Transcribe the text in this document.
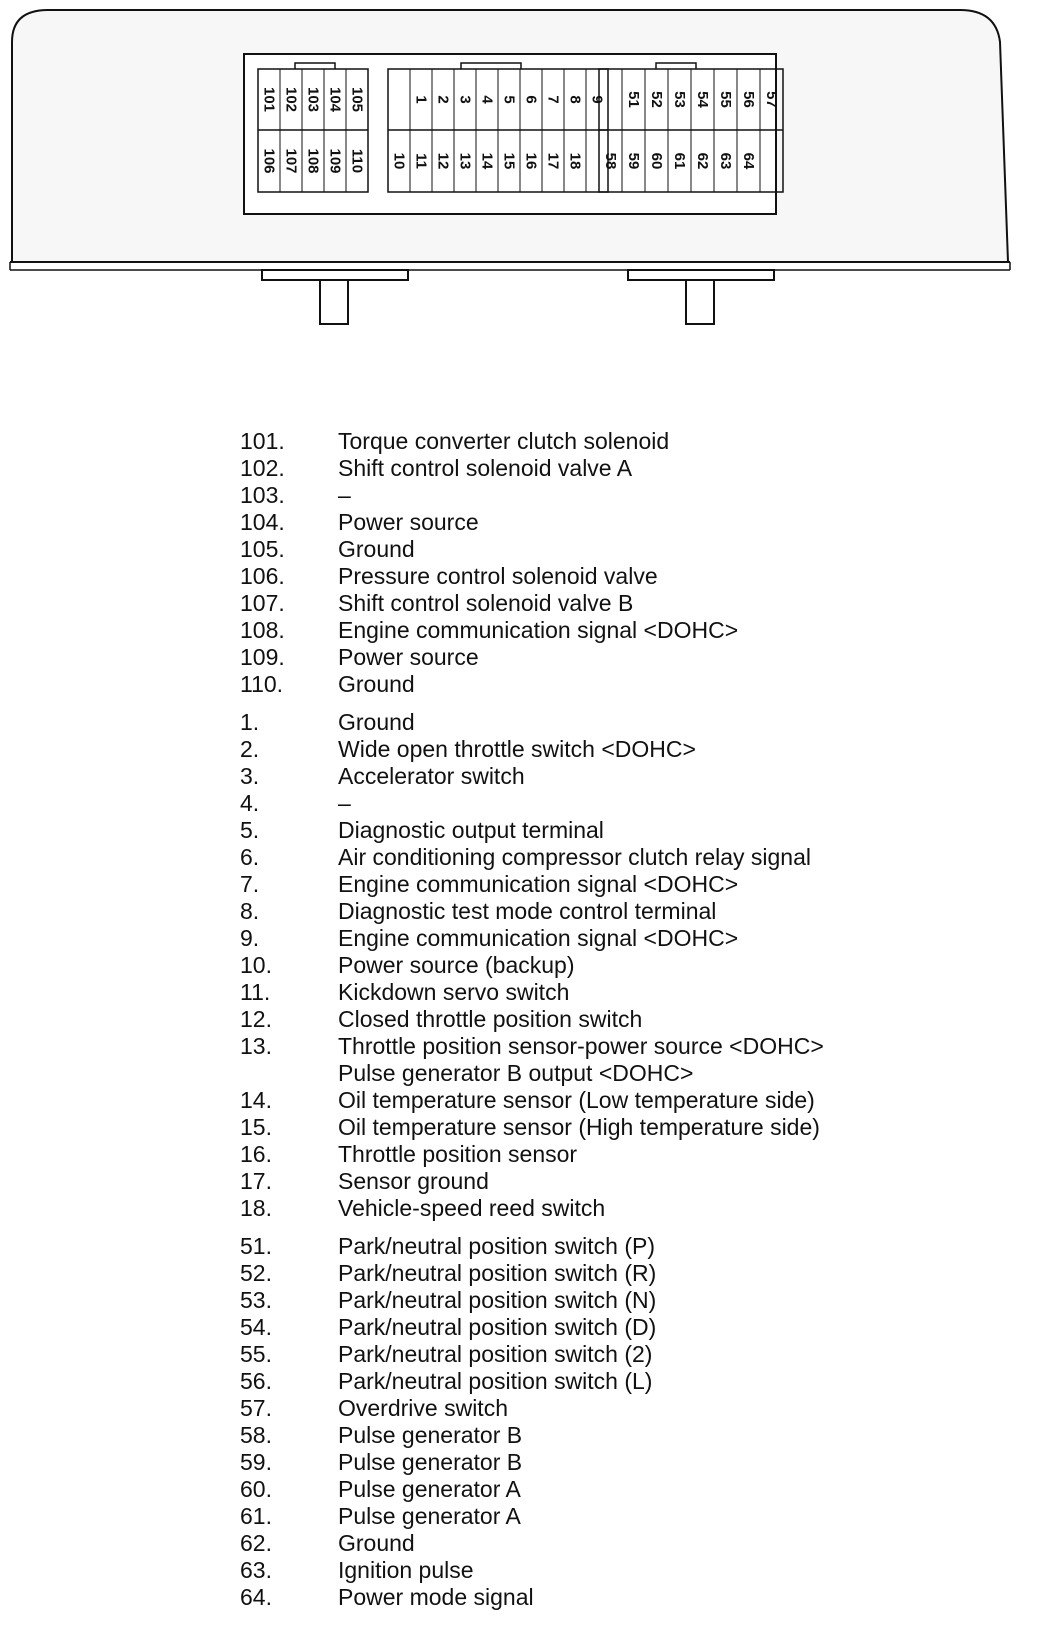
101 102 103 104 105
106 107 108 109 110
1 2 3 4 5 6 7 8 9
10 11 12 13 14 15 16 17 18
51 52 53 54 55 56 57
58 59 60 61 62 63 64
101. Torque converter clutch solenoid
102. Shift control solenoid valve A
103. –
104. Power source
105. Ground
106. Pressure control solenoid valve
107. Shift control solenoid valve B
108. Engine communication signal <DOHC>
109. Power source
110. Ground
1.	Ground
2.	Wide open throttle switch <DOHC>
3.	Accelerator switch
4.	–
5.	Diagnostic output terminal
6.	Air conditioning compressor clutch relay signal
7.	Engine communication signal <DOHC>
8.	Diagnostic test mode control terminal
9.	Engine communication signal <DOHC>
10.	Power source (backup)
11.	Kickdown servo switch
12.	Closed throttle position switch
13.	Throttle position sensor-power source <DOHC>
Pulse generator B output <DOHC>
14.	Oil temperature sensor (Low temperature side)
15.	Oil temperature sensor (High temperature side)
16.	Throttle position sensor
17.	Sensor ground
18.	Vehicle-speed reed switch
51.	Park/neutral position switch (P)
52.	Park/neutral position switch (R)
53.	Park/neutral position switch (N)
54.	Park/neutral position switch (D)
55.	Park/neutral position switch (2)
56.	Park/neutral position switch (L)
57.	Overdrive switch
58.	Pulse generator B
59.	Pulse generator B
60.	Pulse generator A
61.	Pulse generator A
62.	Ground
63.	Ignition pulse
64.	Power mode signal
